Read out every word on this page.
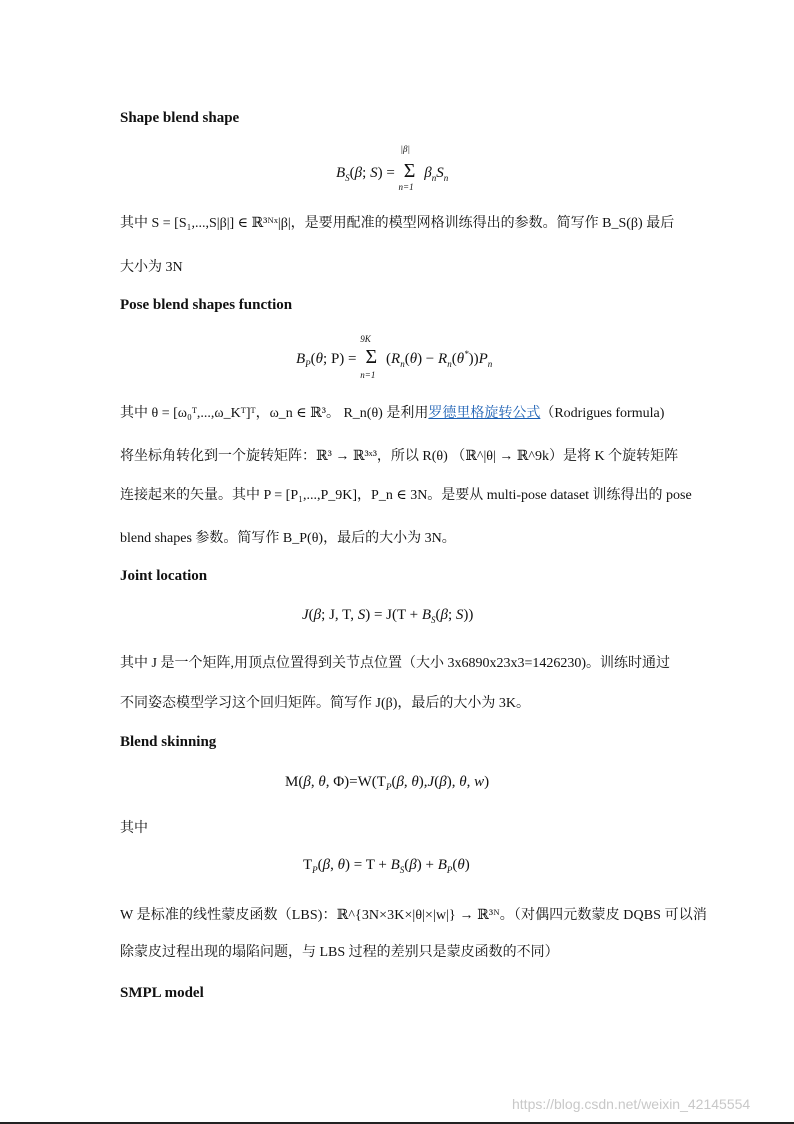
Shape blend shape
$B_S(\beta$; S) =
|β|
Σ
n=1
$\beta_nS_n$
其中 S = [S₁,...,S|β|] ∈ ℝ³ᴺˣ|β|，是要用配准的模型网格训练得出的参数。简写作 B_S(β) 最后
大小为 3N
Pose blend shapes function
$B_P(\theta$; P) =
9K
Σ
n=1
$(R_n(\theta) - R_n(\theta^*))P_n$
其中 θ = [ω₀ᵀ,...,ω_Kᵀ]ᵀ，ω_n ∈ ℝ³。 R_n(θ) 是利用罗德里格旋转公式（Rodrigues formula)
将坐标角转化到一个旋转矩阵：ℝ³ → ℝ³ˣ³，所以 R(θ) （ℝ^|θ| → ℝ^9k）是将 K 个旋转矩阵
连接起来的矢量。其中 P = [P₁,...,P_9K]，P_n ∈ 3N。是要从 multi-pose dataset 训练得出的 pose
blend shapes 参数。简写作 B_P(θ)，最后的大小为 3N。
Joint location
J(β; J, T, $S) = J(T + B_S(\beta$; S))
其中 J 是一个矩阵,用顶点位置得到关节点位置（大小 3x6890x23x3=1426230)。训练时通过
不同姿态模型学习这个回归矩阵。简写作 J(β)，最后的大小为 3K。
Blend skinning
M(β, θ, $\Phi)=W(T_P(\beta$, θ),J(β), θ, w)
其中
$T_P(\beta$, $\theta) = T + B_S(\beta) + B_P(\theta)$
W 是标准的线性蒙皮函数（LBS)：ℝ^{3N×3K×|θ|×|w|} → ℝ³ᴺ。（对偶四元数蒙皮 DQBS 可以消
除蒙皮过程出现的塌陷问题，与 LBS 过程的差别只是蒙皮函数的不同）
SMPL model
https://blog.csdn.net/weixin_42145554
